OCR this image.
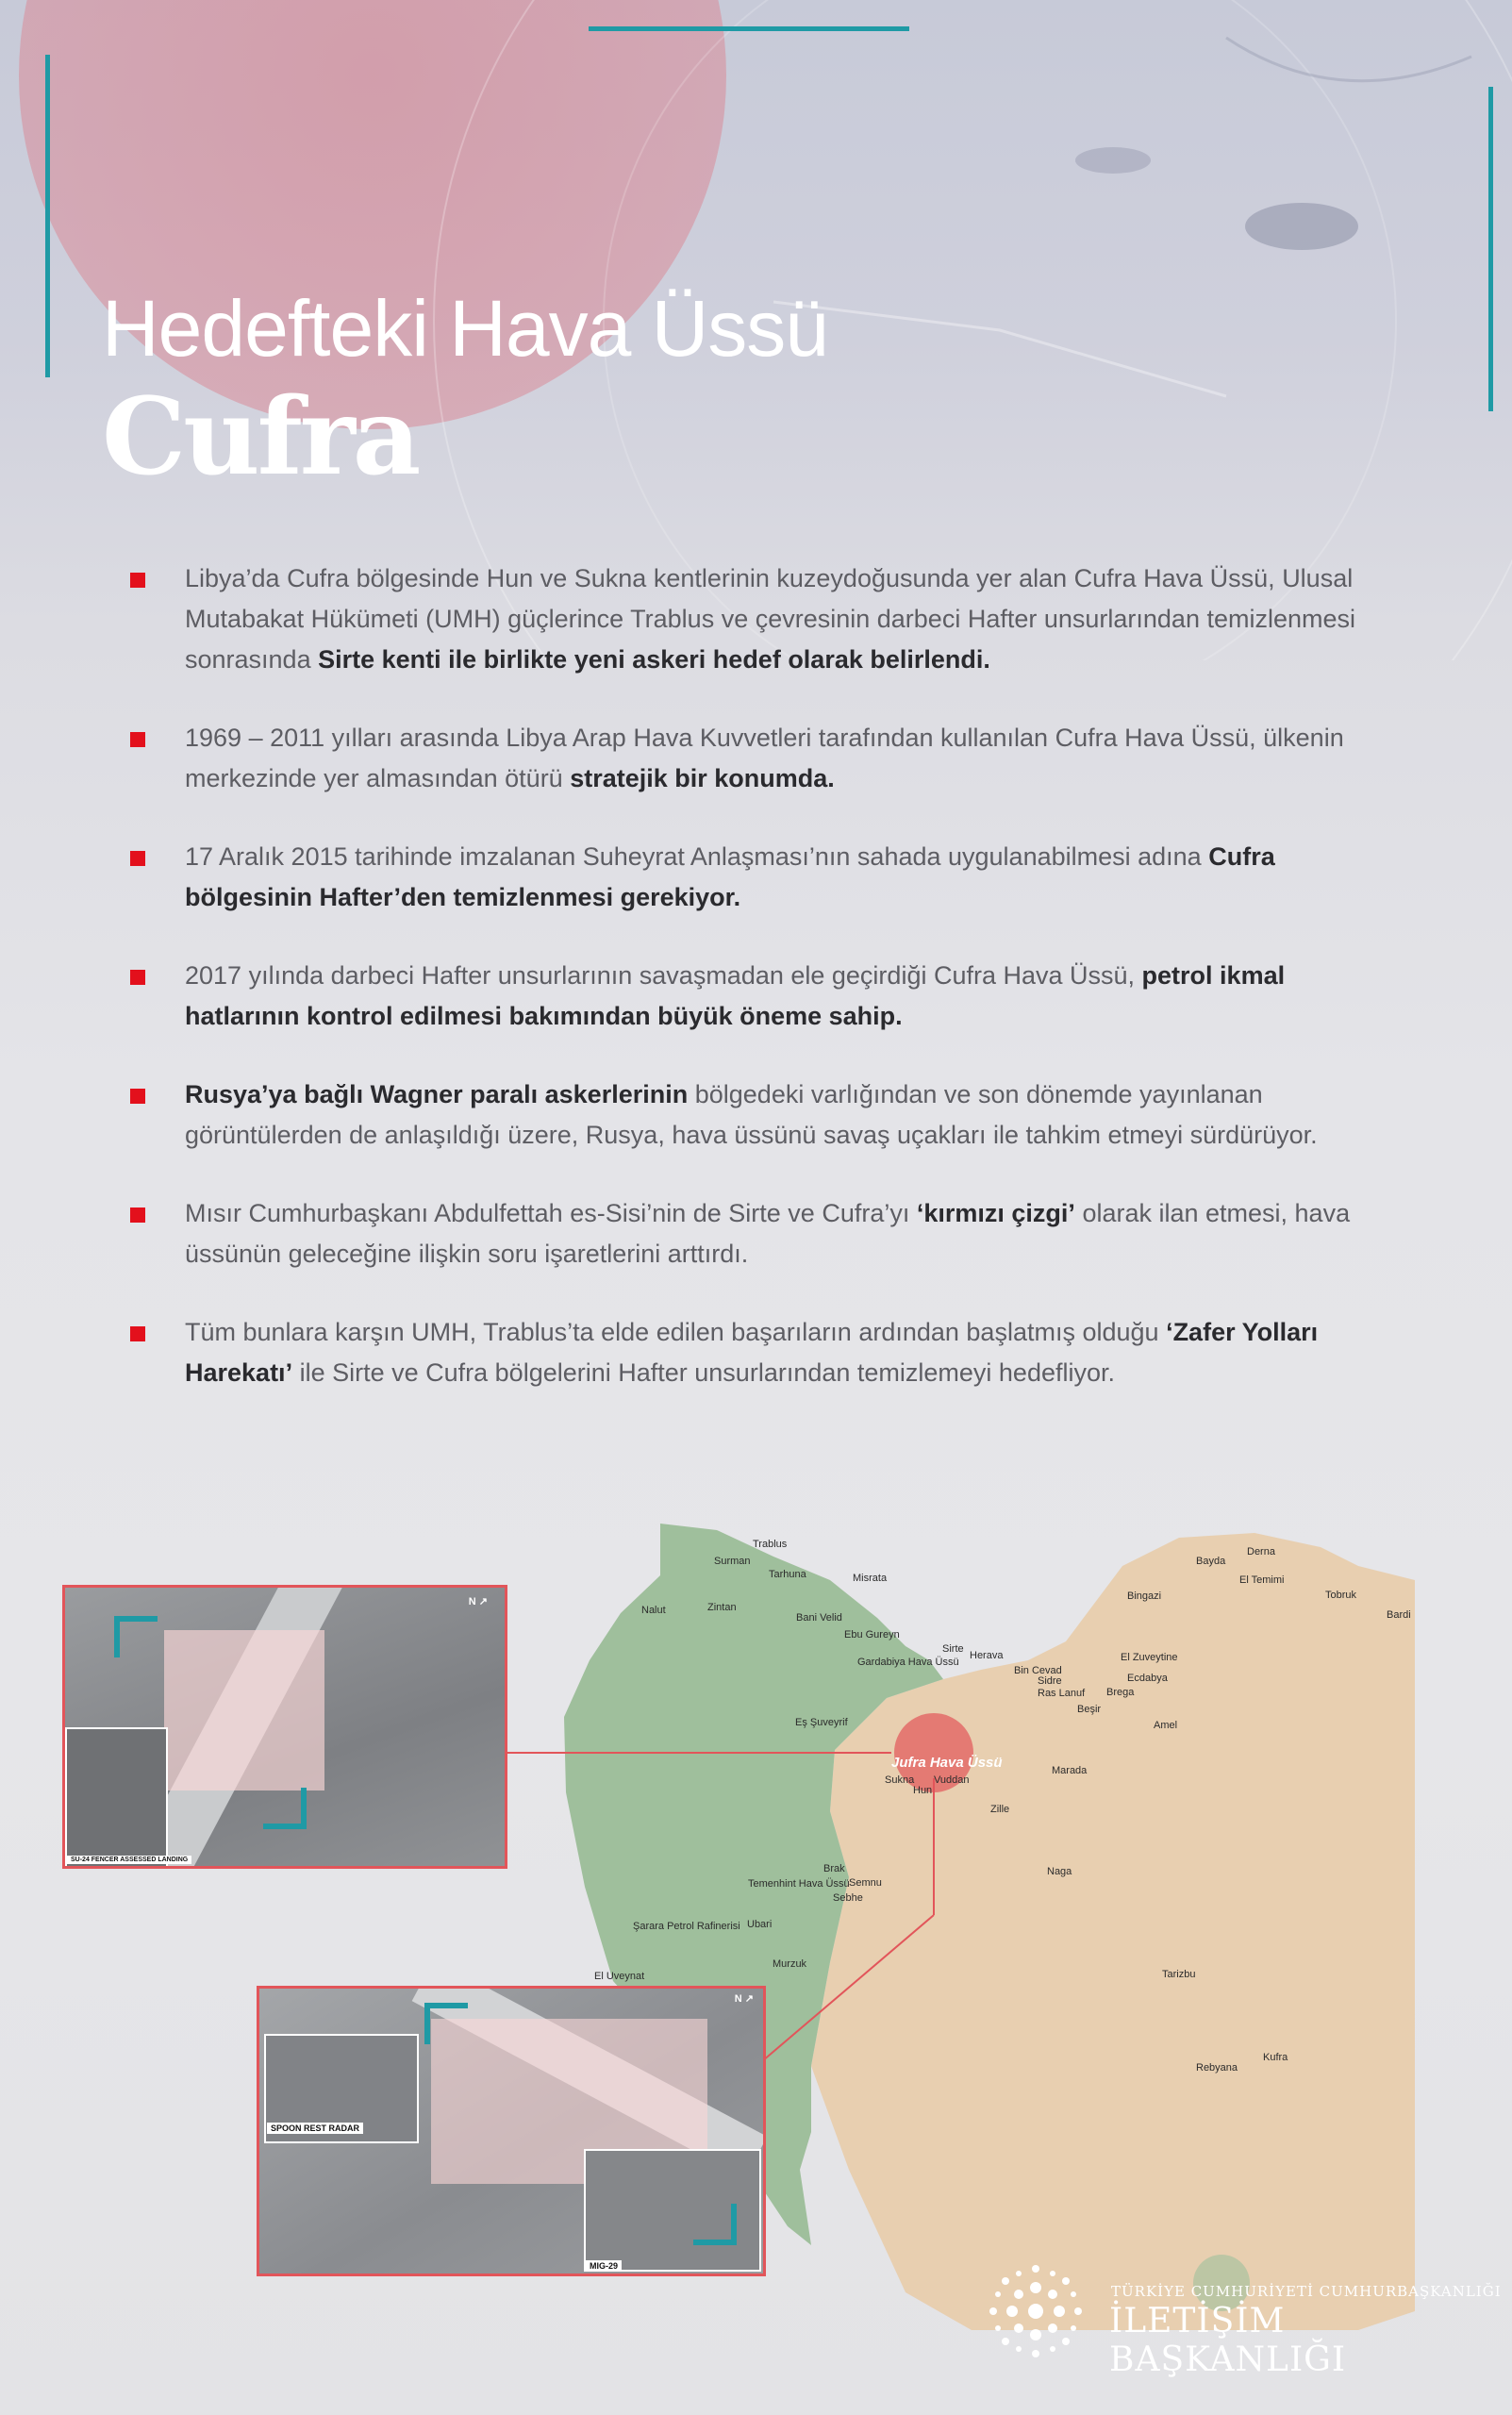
Hedefteki Hava Üssü
Cufra
Libya’da Cufra bölgesinde Hun ve Sukna kentlerinin kuzeydoğusunda yer alan Cufra Hava Üssü, Ulusal Mutabakat Hükümeti (UMH) güçlerince Trablus ve çevresinin darbeci Hafter unsurlarından temizlenmesi sonrasında Sirte kenti ile birlikte yeni askeri hedef olarak belirlendi.
1969 – 2011 yılları arasında Libya Arap Hava Kuvvetleri tarafından kullanılan Cufra Hava Üssü, ülkenin merkezinde yer almasından ötürü stratejik bir konumda.
17 Aralık 2015 tarihinde imzalanan Suheyrat Anlaşması’nın sahada uygulanabilmesi adına Cufra bölgesinin Hafter’den temizlenmesi gerekiyor.
2017 yılında darbeci Hafter unsurlarının savaşmadan ele geçirdiği Cufra Hava Üssü, petrol ikmal hatlarının kontrol edilmesi bakımından büyük öneme sahip.
Rusya’ya bağlı Wagner paralı askerlerinin bölgedeki varlığından ve son dönemde yayınlanan görüntülerden de anlaşıldığı üzere, Rusya, hava üssünü savaş uçakları ile tahkim etmeyi sürdürüyor.
Mısır Cumhurbaşkanı Abdulfettah es-Sisi’nin de Sirte ve Cufra’yı ‘kırmızı çizgi’ olarak ilan etmesi, hava üssünün geleceğine ilişkin soru işaretlerini arttırdı.
Tüm bunlara karşın UMH, Trablus’ta elde edilen başarıların ardından başlatmış olduğu ‘Zafer Yolları Harekatı’ ile Sirte ve Cufra bölgelerini Hafter unsurlarından temizlemeyi hedefliyor.
Jufra Hava Üssü
Trablus
Surman
Tarhuna	Misrata
Nalut	Zintan
Bani Velid
Ebu Gureyn
Sirte
Gardabiya Hava Üssü
Herava
Bin Cevad
Sidre
Ras Lanuf Brega
Ecdabya
Beşir
El Zuveytine
Bingazi
Bayda
Derna
El Temimi
Tobruk
Bardi
Amel
Eş Şuveyrif
Sukna
Hun
Vuddan
Marada
Zille
Brak
Semnu
Sebhe
Temenhint Hava Üssü
Ubari
Şarara Petrol Rafinerisi
Murzuk
El Uveynat
Naga
Tarizbu
Kufra
Rebyana
N ↗
SU-24 FENCER ASSESSED LANDING
N ↗
SPOON REST RADAR
MIG-29
TÜRKİYE CUMHURİYETİ CUMHURBAŞKANLIĞI
İLETİŞİM BAŞKANLIĞI
